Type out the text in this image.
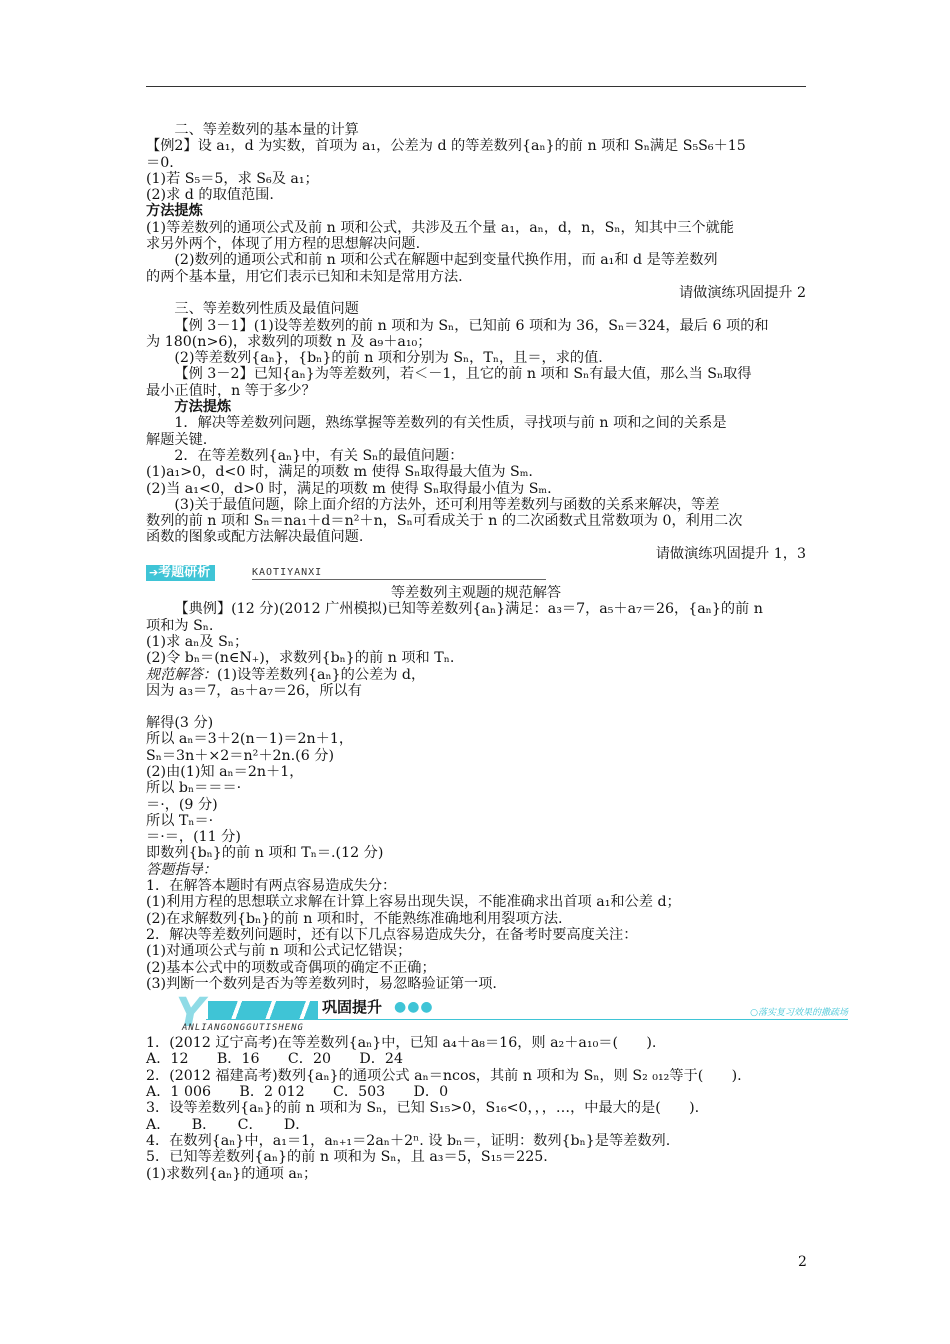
二、等差数列的基本量的计算

【例2】设 a₁，d 为实数，首项为 a₁，公差为 d 的等差数列{aₙ}的前 n 项和 Sₙ满足 S₅S₆＋15

＝0.

(1)若 S₅＝5，求 S₆及 a₁；

(2)求 d 的取值范围.

方法提炼

(1)等差数列的通项公式及前 n 项和公式，共涉及五个量 a₁，aₙ，d，n，Sₙ，知其中三个就能

求另外两个，体现了用方程的思想解决问题.

(2)数列的通项公式和前 n 项和公式在解题中起到变量代换作用，而 a₁和 d 是等差数列

的两个基本量，用它们表示已知和未知是常用方法.

请做演练巩固提升 2

三、等差数列性质及最值问题

【例 3－1】(1)设等差数列的前 n 项和为 Sₙ，已知前 6 项和为 36，Sₙ＝324，最后 6 项的和

为 180(n>6)，求数列的项数 n 及 a₉＋a₁₀；

(2)等差数列{aₙ}，{bₙ}的前 n 项和分别为 Sₙ，Tₙ，且＝，求的值.

【例 3－2】已知{aₙ}为等差数列，若＜－1，且它的前 n 项和 Sₙ有最大值，那么当 Sₙ取得

最小正值时，n 等于多少？

方法提炼

1．解决等差数列问题，熟练掌握等差数列的有关性质，寻找项与前 n 项和之间的关系是

解题关键.

2．在等差数列{aₙ}中，有关 Sₙ的最值问题：

(1)a₁>0，d<0 时，满足的项数 m 使得 Sₙ取得最大值为 Sₘ.

(2)当 a₁<0，d>0 时，满足的项数 m 使得 Sₙ取得最小值为 Sₘ.

(3)关于最值问题，除上面介绍的方法外，还可利用等差数列与函数的关系来解决，等差

数列的前 n 项和 Sₙ＝na₁＋d＝n²＋n，Sₙ可看成关于 n 的二次函数式且常数项为 0，利用二次

函数的图象或配方法解决最值问题.

请做演练巩固提升 1，3

➔考题研析	KAOTIYANXI

等差数列主观题的规范解答

【典例】(12 分)(2012 广州模拟)已知等差数列{aₙ}满足：a₃＝7，a₅＋a₇＝26，{aₙ}的前 n

项和为 Sₙ.

(1)求 aₙ及 Sₙ；

(2)令 bₙ＝(n∈N₊)，求数列{bₙ}的前 n 项和 Tₙ.

规范解答：(1)设等差数列{aₙ}的公差为 d，

因为 a₃＝7，a₅＋a₇＝26，所以有

解得(3 分)

所以 aₙ＝3＋2(n－1)＝2n＋1，

Sₙ＝3n＋×2＝n²＋2n.(6 分)

(2)由(1)知 aₙ＝2n＋1，

所以 bₙ＝＝＝·

＝·，(9 分)

所以 Tₙ＝·

＝·＝，(11 分)

即数列{bₙ}的前 n 项和 Tₙ＝.(12 分)

答题指导：

1．在解答本题时有两点容易造成失分：

(1)利用方程的思想联立求解在计算上容易出现失误，不能准确求出首项 a₁和公差 d；

(2)在求解数列{bₙ}的前 n 项和时，不能熟练准确地利用裂项方法.

2．解决等差数列问题时，还有以下几点容易造成失分，在备考时要高度关注：

(1)对通项公式与前 n 项和公式记忆错误；

(2)基本公式中的项数或奇偶项的确定不正确；

(3)判断一个数列是否为等差数列时，易忽略验证第一项.

Y	巩固提升 ●●●
ANLIANGONGGUTISHENG
○落实复习效果的撒疏场

1．(2012 辽宁高考)在等差数列{aₙ}中，已知 a₄＋a₈＝16，则 a₂＋a₁₀＝(　　).

A．12　　B．16　　C．20　　D．24

2．(2012 福建高考)数列{aₙ}的通项公式 aₙ＝ncos，其前 n 项和为 Sₙ，则 S₂ ₀₁₂等于(　　).

A．1 006　　B．2 012　　C．503　　D．0

3．设等差数列{aₙ}的前 n 项和为 Sₙ，已知 S₁₅>0，S₁₆<0，，，…，中最大的是(　　).

A．　　B．　　C．　　D．

4．在数列{aₙ}中，a₁＝1，aₙ₊₁＝2aₙ＋2ⁿ. 设 bₙ＝，证明：数列{bₙ}是等差数列.

5．已知等差数列{aₙ}的前 n 项和为 Sₙ，且 a₃＝5，S₁₅＝225.

(1)求数列{aₙ}的通项 aₙ；

2
